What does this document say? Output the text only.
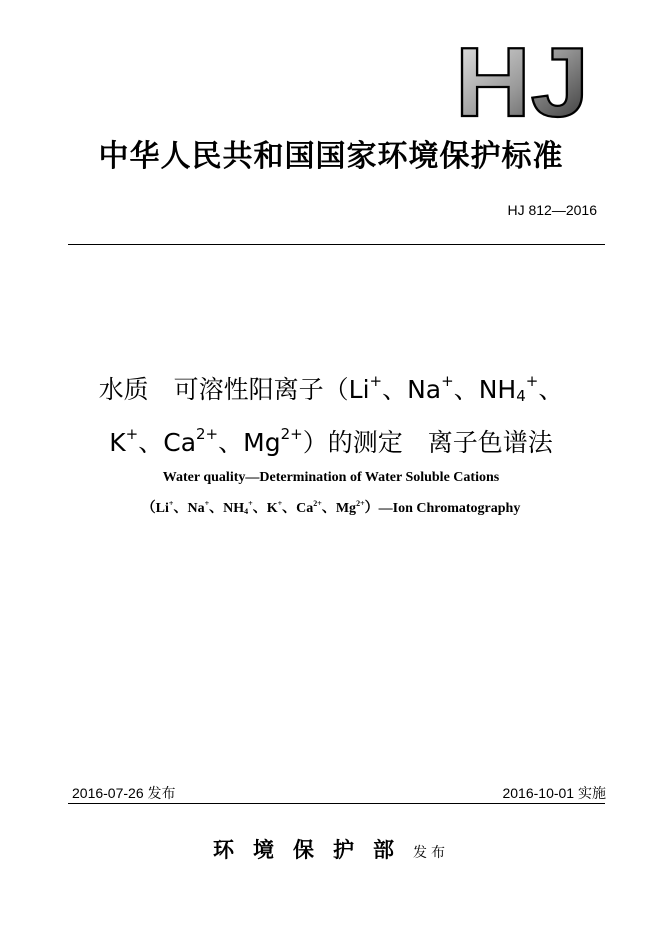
HJ
中华人民共和国国家环境保护标准
HJ 812—2016
水质　可溶性阳离子（Li+、Na+、$NH_4^+$、
K+、$Ca^{2+}$、$Mg^{2+}$）的测定　离子色谱法
Water quality—Determination of Water Soluble Cations
（Li+、Na+、$NH_4^+$、K+、$Ca^{2+}$、$Mg^{2+})—Ion$ Chromatography
2016-07-26 发布	2016-10-01 实施
环境保护部发布
